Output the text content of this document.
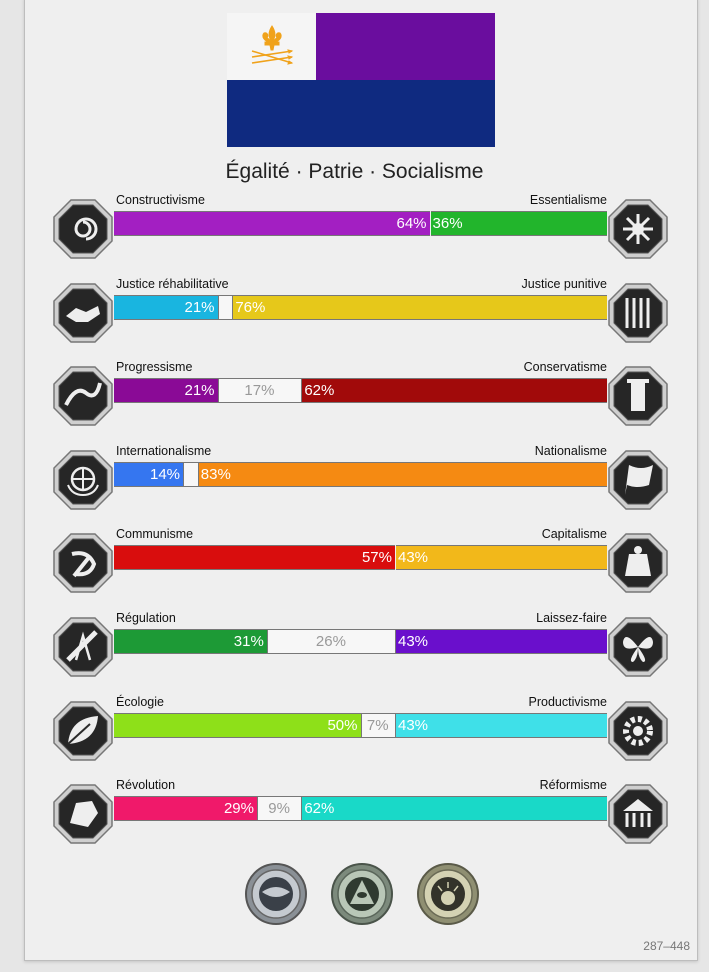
Égalité · Patrie · Socialisme
Constructivisme	Essentialisme
64% 36%
Justice réhabilitative	Justice punitive
21% 76%
Progressisme	Conservatisme
21%	17%	62%
Internationalisme	Nationalisme
14% 83%
Communisme	Capitalisme
57% 43%
Régulation	Laissez-faire
31%	26%	43%
Écologie	Productivisme
50% 7% 43%
Révolution	Réformisme
29% 9% 62%
287–448
